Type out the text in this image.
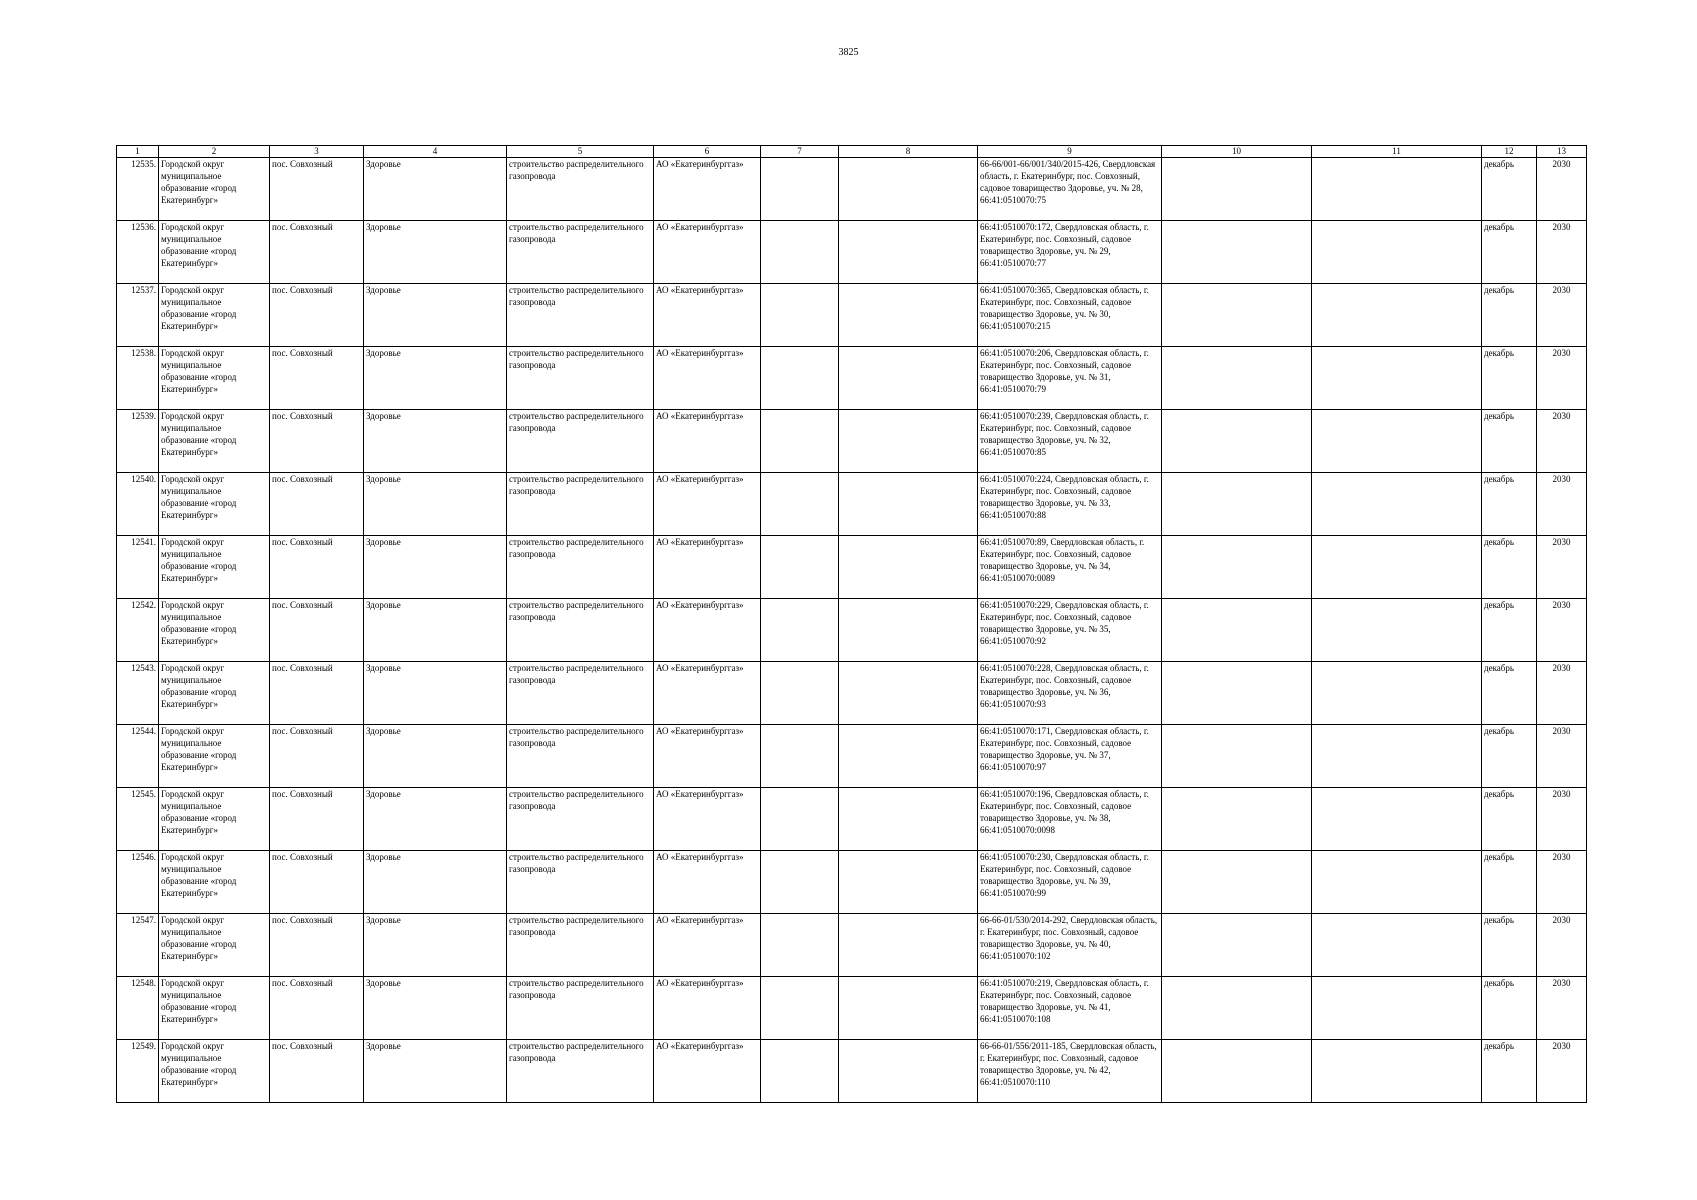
3825
1	2	3	4	5	6	7	8	9	10	11	12	13
12535.	Городской округ муниципальное образование «город Екатеринбург»	пос. Совхозный	Здоровье	строительство распределительного газопровода	АО «Екатеринбурггаз»			66-66/001-66/001/340/2015-426, Свердловская область, г. Екатеринбург, пос. Совхозный, садовое товарищество Здоровье, уч. № 28, 66:41:0510070:75			декабрь	2030
12536.	Городской округ муниципальное образование «город Екатеринбург»	пос. Совхозный	Здоровье	строительство распределительного газопровода	АО «Екатеринбурггаз»			66:41:0510070:172, Свердловская область, г. Екатеринбург, пос. Совхозный, садовое товарищество Здоровье, уч. № 29, 66:41:0510070:77			декабрь	2030
12537.	Городской округ муниципальное образование «город Екатеринбург»	пос. Совхозный	Здоровье	строительство распределительного газопровода	АО «Екатеринбурггаз»			66:41:0510070:365, Свердловская область, г. Екатеринбург, пос. Совхозный, садовое товарищество Здоровье, уч. № 30, 66:41:0510070:215			декабрь	2030
12538.	Городской округ муниципальное образование «город Екатеринбург»	пос. Совхозный	Здоровье	строительство распределительного газопровода	АО «Екатеринбурггаз»			66:41:0510070:206, Свердловская область, г. Екатеринбург, пос. Совхозный, садовое товарищество Здоровье, уч. № 31, 66:41:0510070:79			декабрь	2030
12539.	Городской округ муниципальное образование «город Екатеринбург»	пос. Совхозный	Здоровье	строительство распределительного газопровода	АО «Екатеринбурггаз»			66:41:0510070:239, Свердловская область, г. Екатеринбург, пос. Совхозный, садовое товарищество Здоровье, уч. № 32, 66:41:0510070:85			декабрь	2030
12540.	Городской округ муниципальное образование «город Екатеринбург»	пос. Совхозный	Здоровье	строительство распределительного газопровода	АО «Екатеринбурггаз»			66:41:0510070:224, Свердловская область, г. Екатеринбург, пос. Совхозный, садовое товарищество Здоровье, уч. № 33, 66:41:0510070:88			декабрь	2030
12541.	Городской округ муниципальное образование «город Екатеринбург»	пос. Совхозный	Здоровье	строительство распределительного газопровода	АО «Екатеринбурггаз»			66:41:0510070:89, Свердловская область, г. Екатеринбург, пос. Совхозный, садовое товарищество Здоровье, уч. № 34, 66:41:0510070:0089			декабрь	2030
12542.	Городской округ муниципальное образование «город Екатеринбург»	пос. Совхозный	Здоровье	строительство распределительного газопровода	АО «Екатеринбурггаз»			66:41:0510070:229, Свердловская область, г. Екатеринбург, пос. Совхозный, садовое товарищество Здоровье, уч. № 35, 66:41:0510070:92			декабрь	2030
12543.	Городской округ муниципальное образование «город Екатеринбург»	пос. Совхозный	Здоровье	строительство распределительного газопровода	АО «Екатеринбурггаз»			66:41:0510070:228, Свердловская область, г. Екатеринбург, пос. Совхозный, садовое товарищество Здоровье, уч. № 36, 66:41:0510070:93			декабрь	2030
12544.	Городской округ муниципальное образование «город Екатеринбург»	пос. Совхозный	Здоровье	строительство распределительного газопровода	АО «Екатеринбурггаз»			66:41:0510070:171, Свердловская область, г. Екатеринбург, пос. Совхозный, садовое товарищество Здоровье, уч. № 37, 66:41:0510070:97			декабрь	2030
12545.	Городской округ муниципальное образование «город Екатеринбург»	пос. Совхозный	Здоровье	строительство распределительного газопровода	АО «Екатеринбурггаз»			66:41:0510070:196, Свердловская область, г. Екатеринбург, пос. Совхозный, садовое товарищество Здоровье, уч. № 38, 66:41:0510070:0098			декабрь	2030
12546.	Городской округ муниципальное образование «город Екатеринбург»	пос. Совхозный	Здоровье	строительство распределительного газопровода	АО «Екатеринбурггаз»			66:41:0510070:230, Свердловская область, г. Екатеринбург, пос. Совхозный, садовое товарищество Здоровье, уч. № 39, 66:41:0510070:99			декабрь	2030
12547.	Городской округ муниципальное образование «город Екатеринбург»	пос. Совхозный	Здоровье	строительство распределительного газопровода	АО «Екатеринбурггаз»			66-66-01/530/2014-292, Свердловская область, г. Екатеринбург, пос. Совхозный, садовое товарищество Здоровье, уч. № 40, 66:41:0510070:102			декабрь	2030
12548.	Городской округ муниципальное образование «город Екатеринбург»	пос. Совхозный	Здоровье	строительство распределительного газопровода	АО «Екатеринбурггаз»			66:41:0510070:219, Свердловская область, г. Екатеринбург, пос. Совхозный, садовое товарищество Здоровье, уч. № 41, 66:41:0510070:108			декабрь	2030
12549.	Городской округ муниципальное образование «город Екатеринбург»	пос. Совхозный	Здоровье	строительство распределительного газопровода	АО «Екатеринбурггаз»			66-66-01/556/2011-185, Свердловская область, г. Екатеринбург, пос. Совхозный, садовое товарищество Здоровье, уч. № 42, 66:41:0510070:110			декабрь	2030
